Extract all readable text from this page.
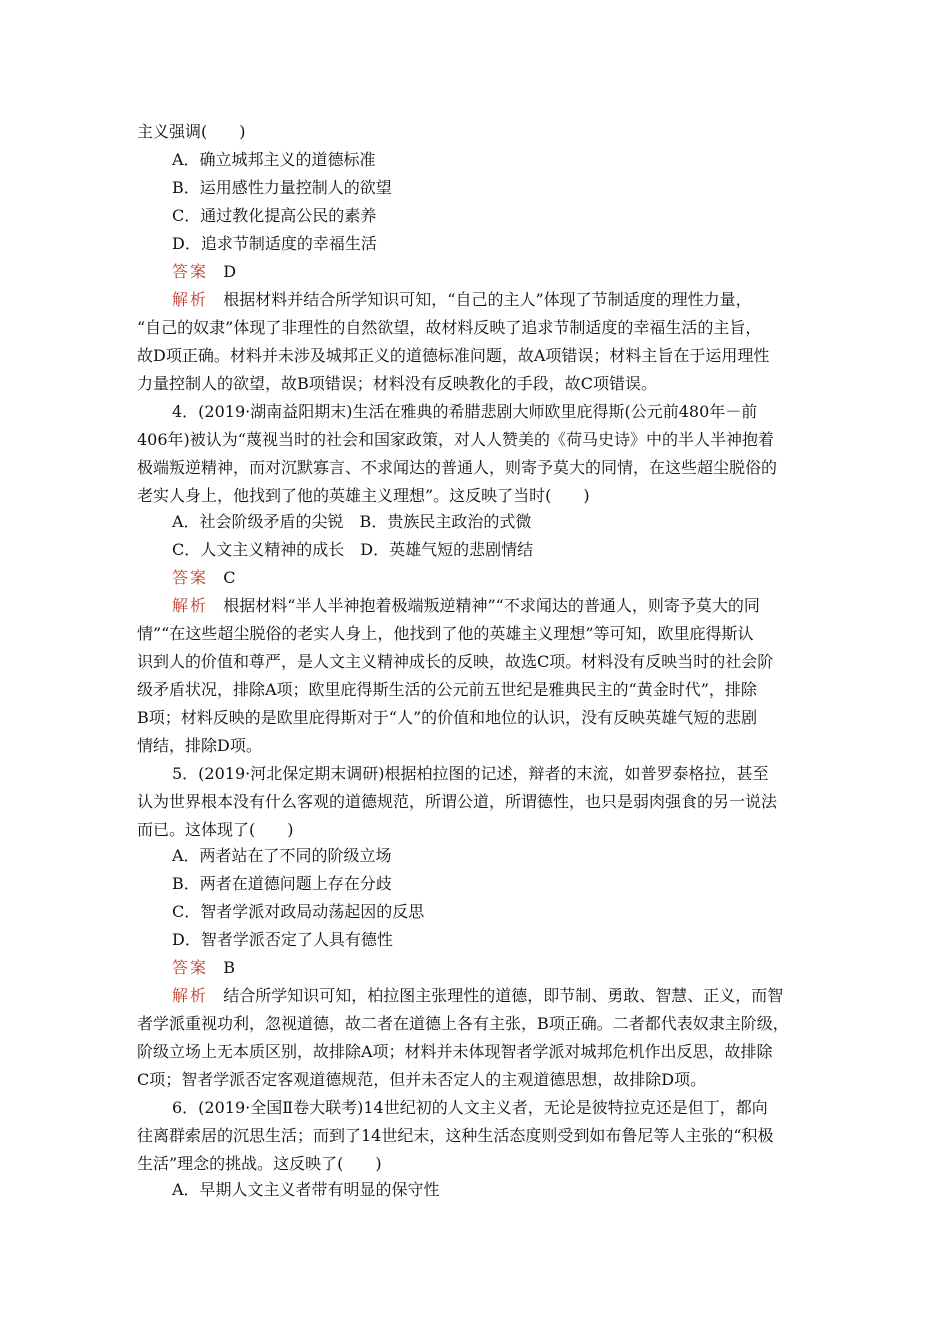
主义强调(　　)
A．确立城邦主义的道德标准
B．运用感性力量控制人的欲望
C．通过教化提高公民的素养
D．追求节制适度的幸福生活
答案 D
解析 根据材料并结合所学知识可知，“自己的主人”体现了节制适度的理性力量，
“自己的奴隶”体现了非理性的自然欲望，故材料反映了追求节制适度的幸福生活的主旨，
故D项正确。材料并未涉及城邦正义的道德标准问题，故A项错误；材料主旨在于运用理性
力量控制人的欲望，故B项错误；材料没有反映教化的手段，故C项错误。
4．(2019·湖南益阳期末)生活在雅典的希腊悲剧大师欧里庇得斯(公元前480年－前
406年)被认为“蔑视当时的社会和国家政策，对人人赞美的《荷马史诗》中的半人半神抱着
极端叛逆精神，而对沉默寡言、不求闻达的普通人，则寄予莫大的同情，在这些超尘脱俗的
老实人身上，他找到了他的英雄主义理想”。这反映了当时(　　)
A．社会阶级矛盾的尖锐　B．贵族民主政治的式微
C．人文主义精神的成长　D．英雄气短的悲剧情结
答案 C
解析 根据材料“半人半神抱着极端叛逆精神”“不求闻达的普通人，则寄予莫大的同
情”“在这些超尘脱俗的老实人身上，他找到了他的英雄主义理想”等可知，欧里庇得斯认
识到人的价值和尊严，是人文主义精神成长的反映，故选C项。材料没有反映当时的社会阶
级矛盾状况，排除A项；欧里庇得斯生活的公元前五世纪是雅典民主的“黄金时代”，排除
B项；材料反映的是欧里庇得斯对于“人”的价值和地位的认识，没有反映英雄气短的悲剧
情结，排除D项。
5．(2019·河北保定期末调研)根据柏拉图的记述，辩者的末流，如普罗泰格拉，甚至
认为世界根本没有什么客观的道德规范，所谓公道，所谓德性，也只是弱肉强食的另一说法
而已。这体现了(　　)
A．两者站在了不同的阶级立场
B．两者在道德问题上存在分歧
C．智者学派对政局动荡起因的反思
D．智者学派否定了人具有德性
答案 B
解析 结合所学知识可知，柏拉图主张理性的道德，即节制、勇敢、智慧、正义，而智
者学派重视功利，忽视道德，故二者在道德上各有主张，B项正确。二者都代表奴隶主阶级，
阶级立场上无本质区别，故排除A项；材料并未体现智者学派对城邦危机作出反思，故排除
C项；智者学派否定客观道德规范，但并未否定人的主观道德思想，故排除D项。
6．(2019·全国Ⅱ卷大联考)14世纪初的人文主义者，无论是彼特拉克还是但丁，都向
往离群索居的沉思生活；而到了14世纪末，这种生活态度则受到如布鲁尼等人主张的“积极
生活”理念的挑战。这反映了(　　)
A．早期人文主义者带有明显的保守性
